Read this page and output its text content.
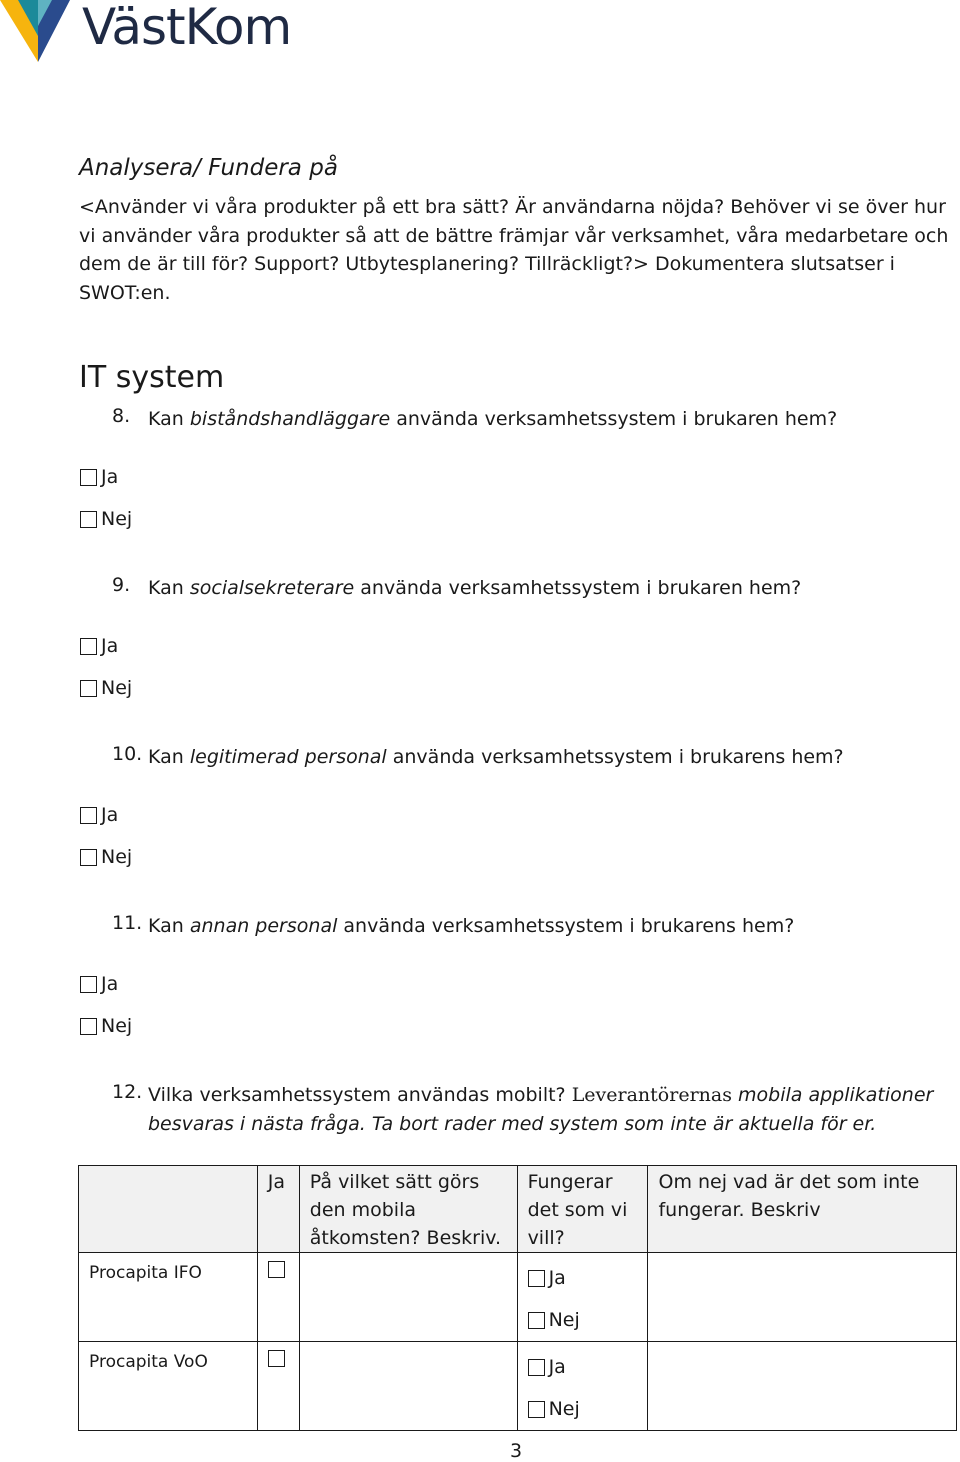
VästKom
Analysera/ Fundera på
<Använder vi våra produkter på ett bra sätt? Är användarna nöjda? Behöver vi se över hur vi använder våra produkter så att de bättre främjar vår verksamhet, våra medarbetare och dem de är till för? Support? Utbytesplanering? Tillräckligt?> Dokumentera slutsatser i SWOT:en.
IT system
8. Kan biståndshandläggare använda verksamhetssystem i brukaren hem?
Ja
Nej
9. Kan socialsekreterare använda verksamhetssystem i brukaren hem?
Ja
Nej
10. Kan legitimerad personal använda verksamhetssystem i brukarens hem?
Ja
Nej
11. Kan annan personal använda verksamhetssystem i brukarens hem?
Ja
Nej
12. Vilka verksamhetssystem användas mobilt? Leverantörernas mobila applikationer besvaras i nästa fråga. Ta bort rader med system som inte är aktuella för er.

	Ja	På vilket sätt görs den mobila åtkomsten? Beskriv.	Fungerar det som vi vill?	Om nej vad är det som inte fungerar. Beskriv

Procapita IFO			Ja
Nej	

Procapita VoO			Ja
Nej	

3
